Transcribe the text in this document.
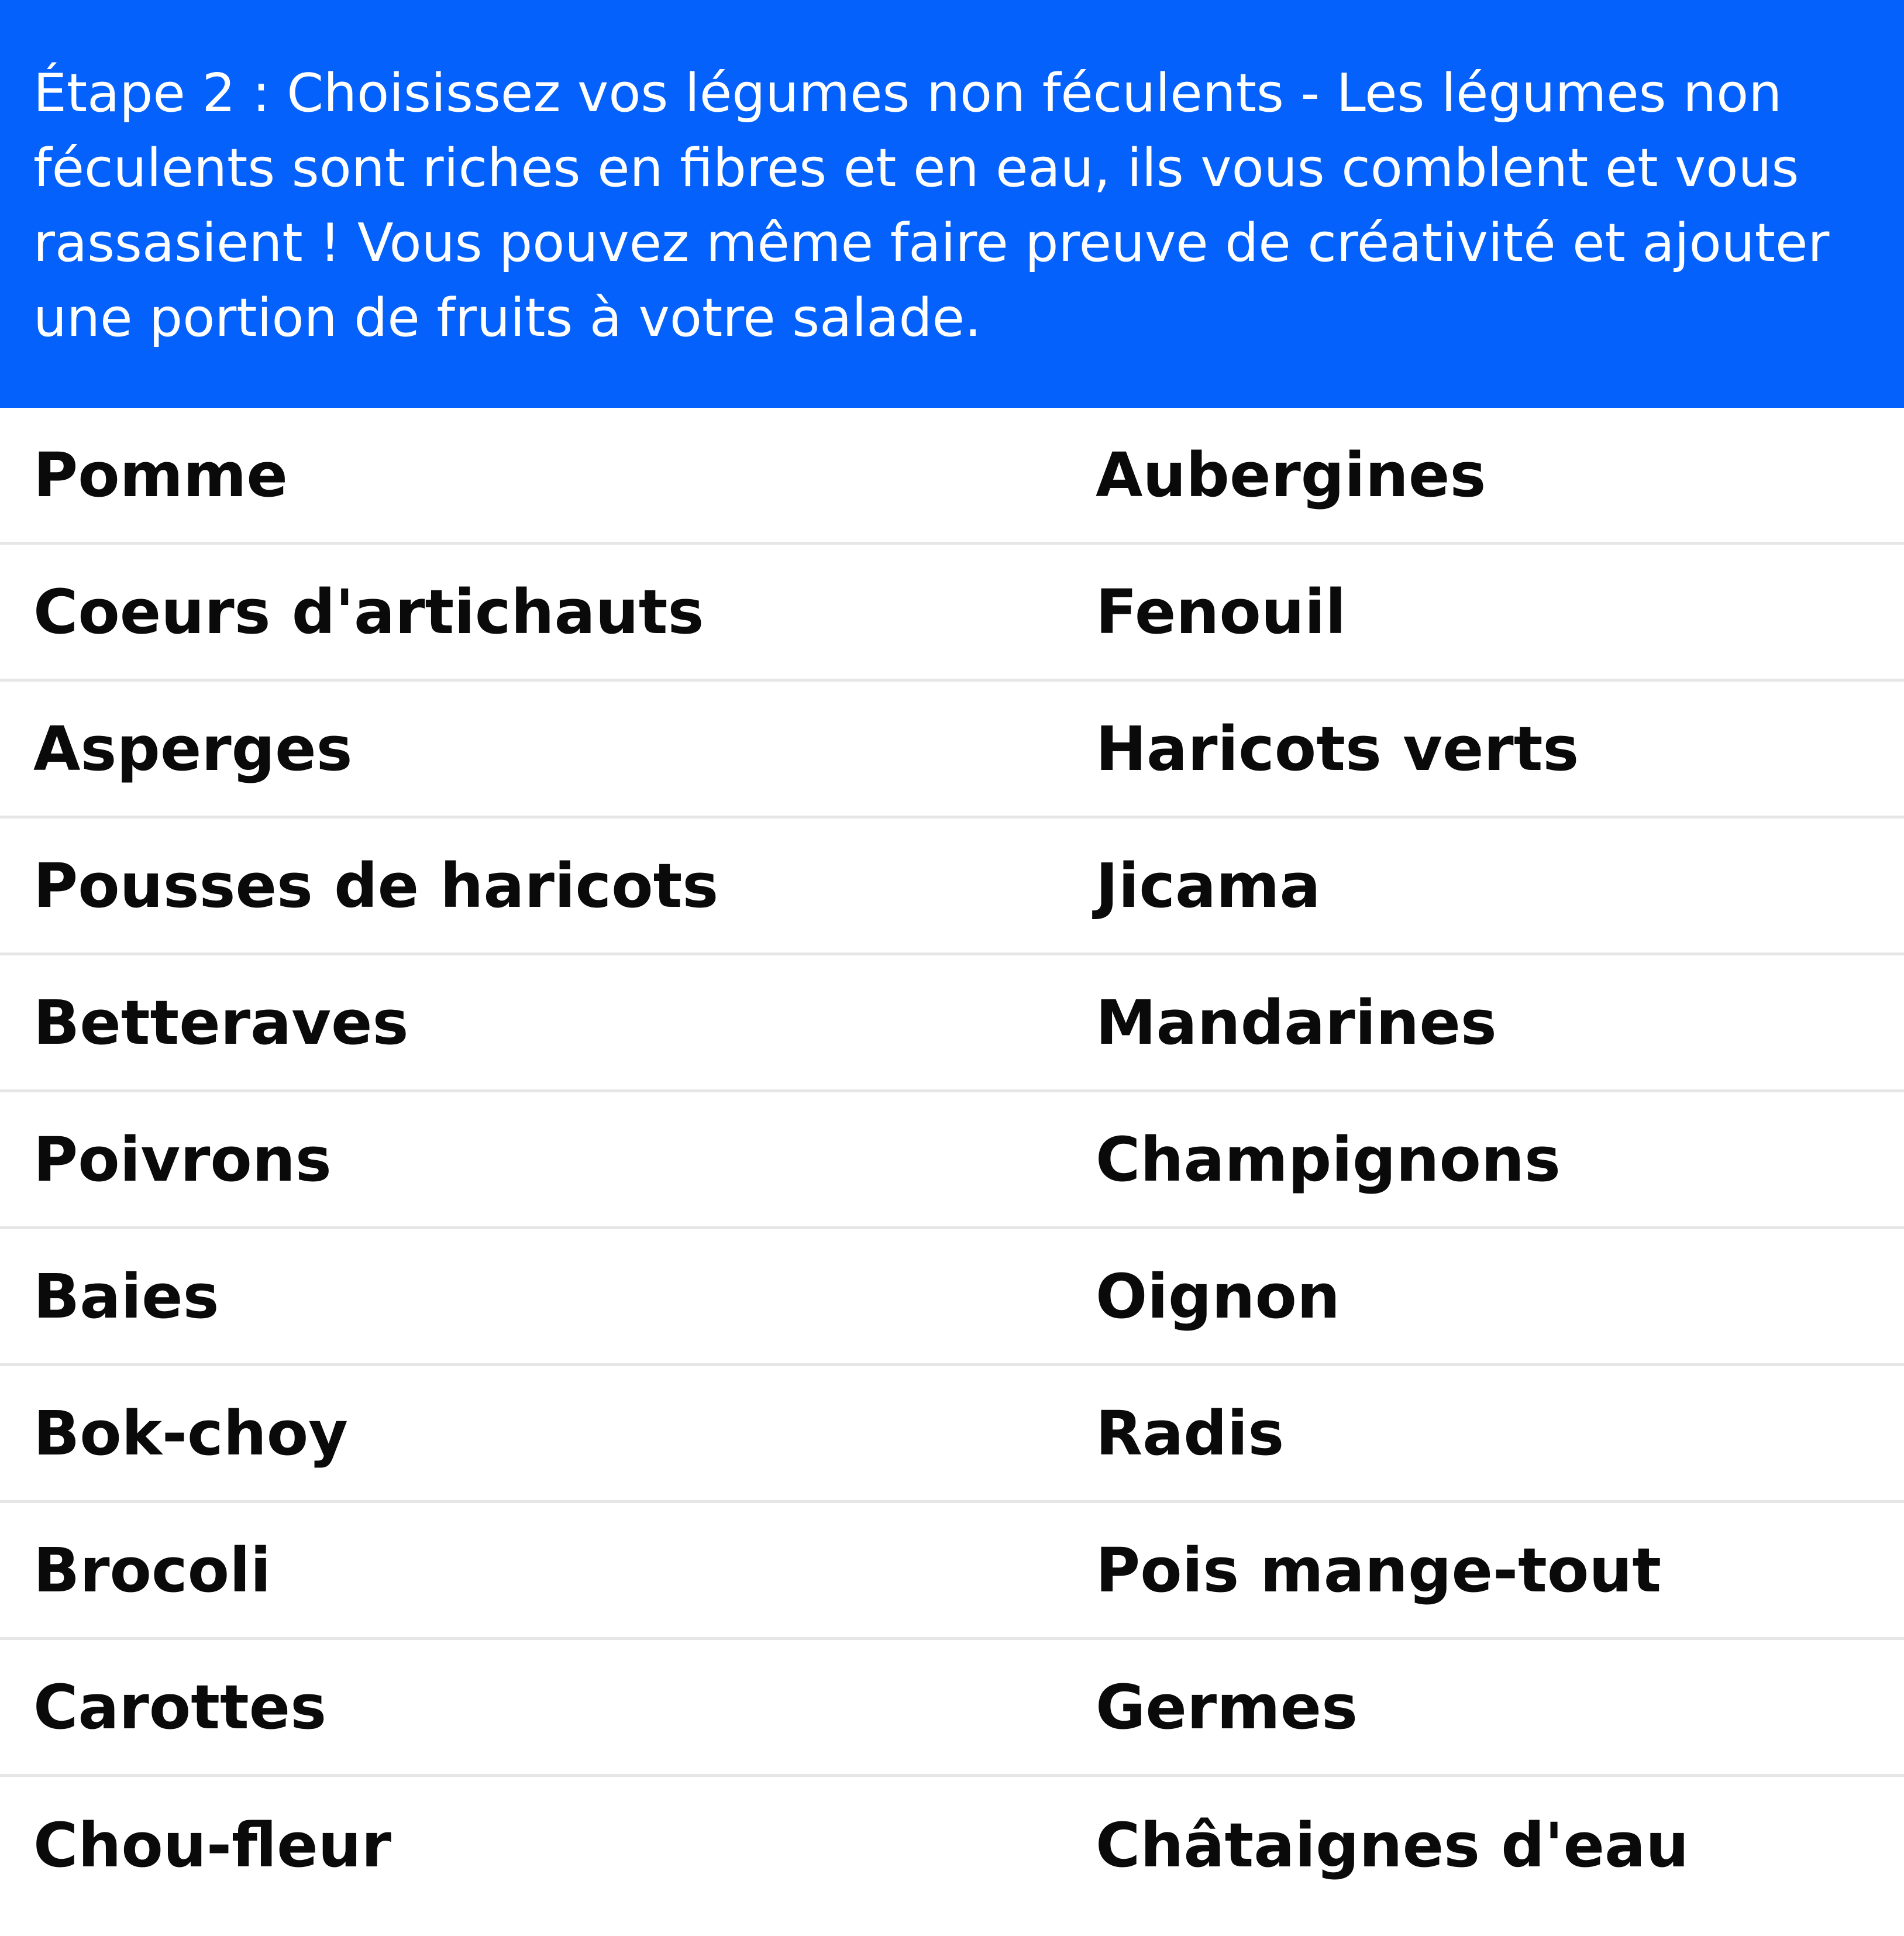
Étape 2 : Choisissez vos légumes non féculents - Les légumes non féculents sont riches en fibres et en eau, ils vous comblent et vous rassasient ! Vous pouvez même faire preuve de créativité et ajouter une portion de fruits à votre salade.

Pomme	Aubergines
Coeurs d'artichauts	Fenouil
Asperges	Haricots verts
Pousses de haricots	Jicama
Betteraves	Mandarines
Poivrons	Champignons
Baies	Oignon
Bok-choy	Radis
Brocoli	Pois mange-tout
Carottes	Germes
Chou-fleur	Châtaignes d'eau
